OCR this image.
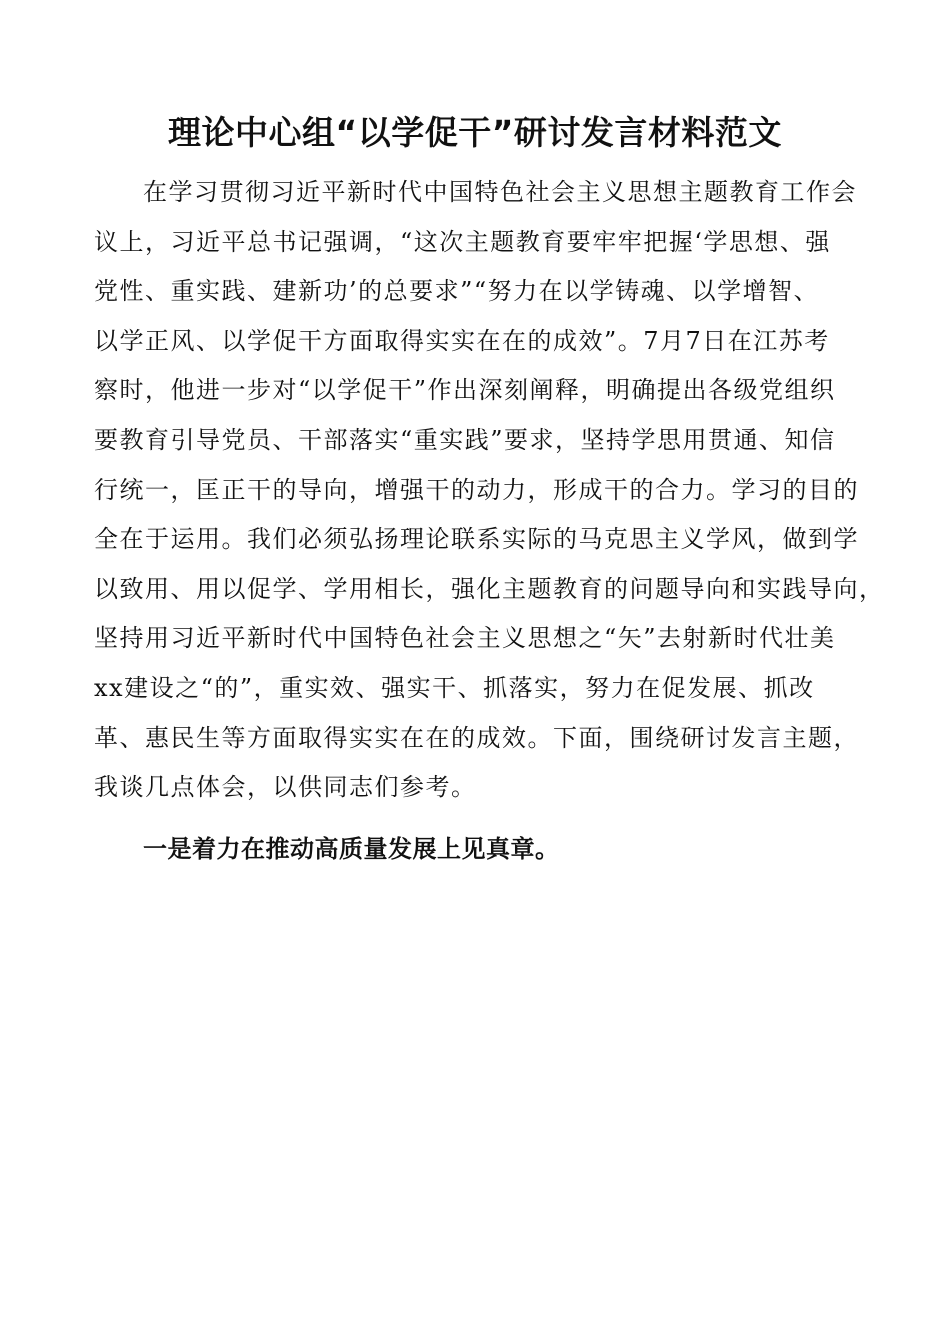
理论中心组“以学促干”研讨发言材料范文
在学习贯彻习近平新时代中国特色社会主义思想主题教育工作会
议上，习近平总书记强调，“这次主题教育要牢牢把握‘学思想、强
党性、重实践、建新功’的总要求”“努力在以学铸魂、以学增智、
以学正风、以学促干方面取得实实在在的成效”。7月7日在江苏考
察时，他进一步对“以学促干”作出深刻阐释，明确提出各级党组织
要教育引导党员、干部落实“重实践”要求，坚持学思用贯通、知信
行统一，匡正干的导向，增强干的动力，形成干的合力。学习的目的
全在于运用。我们必须弘扬理论联系实际的马克思主义学风，做到学
以致用、用以促学、学用相长，强化主题教育的问题导向和实践导向，
坚持用习近平新时代中国特色社会主义思想之“矢”去射新时代壮美
xx建设之“的”，重实效、强实干、抓落实，努力在促发展、抓改
革、惠民生等方面取得实实在在的成效。下面，围绕研讨发言主题，
我谈几点体会，以供同志们参考。
一是着力在推动高质量发展上见真章。
